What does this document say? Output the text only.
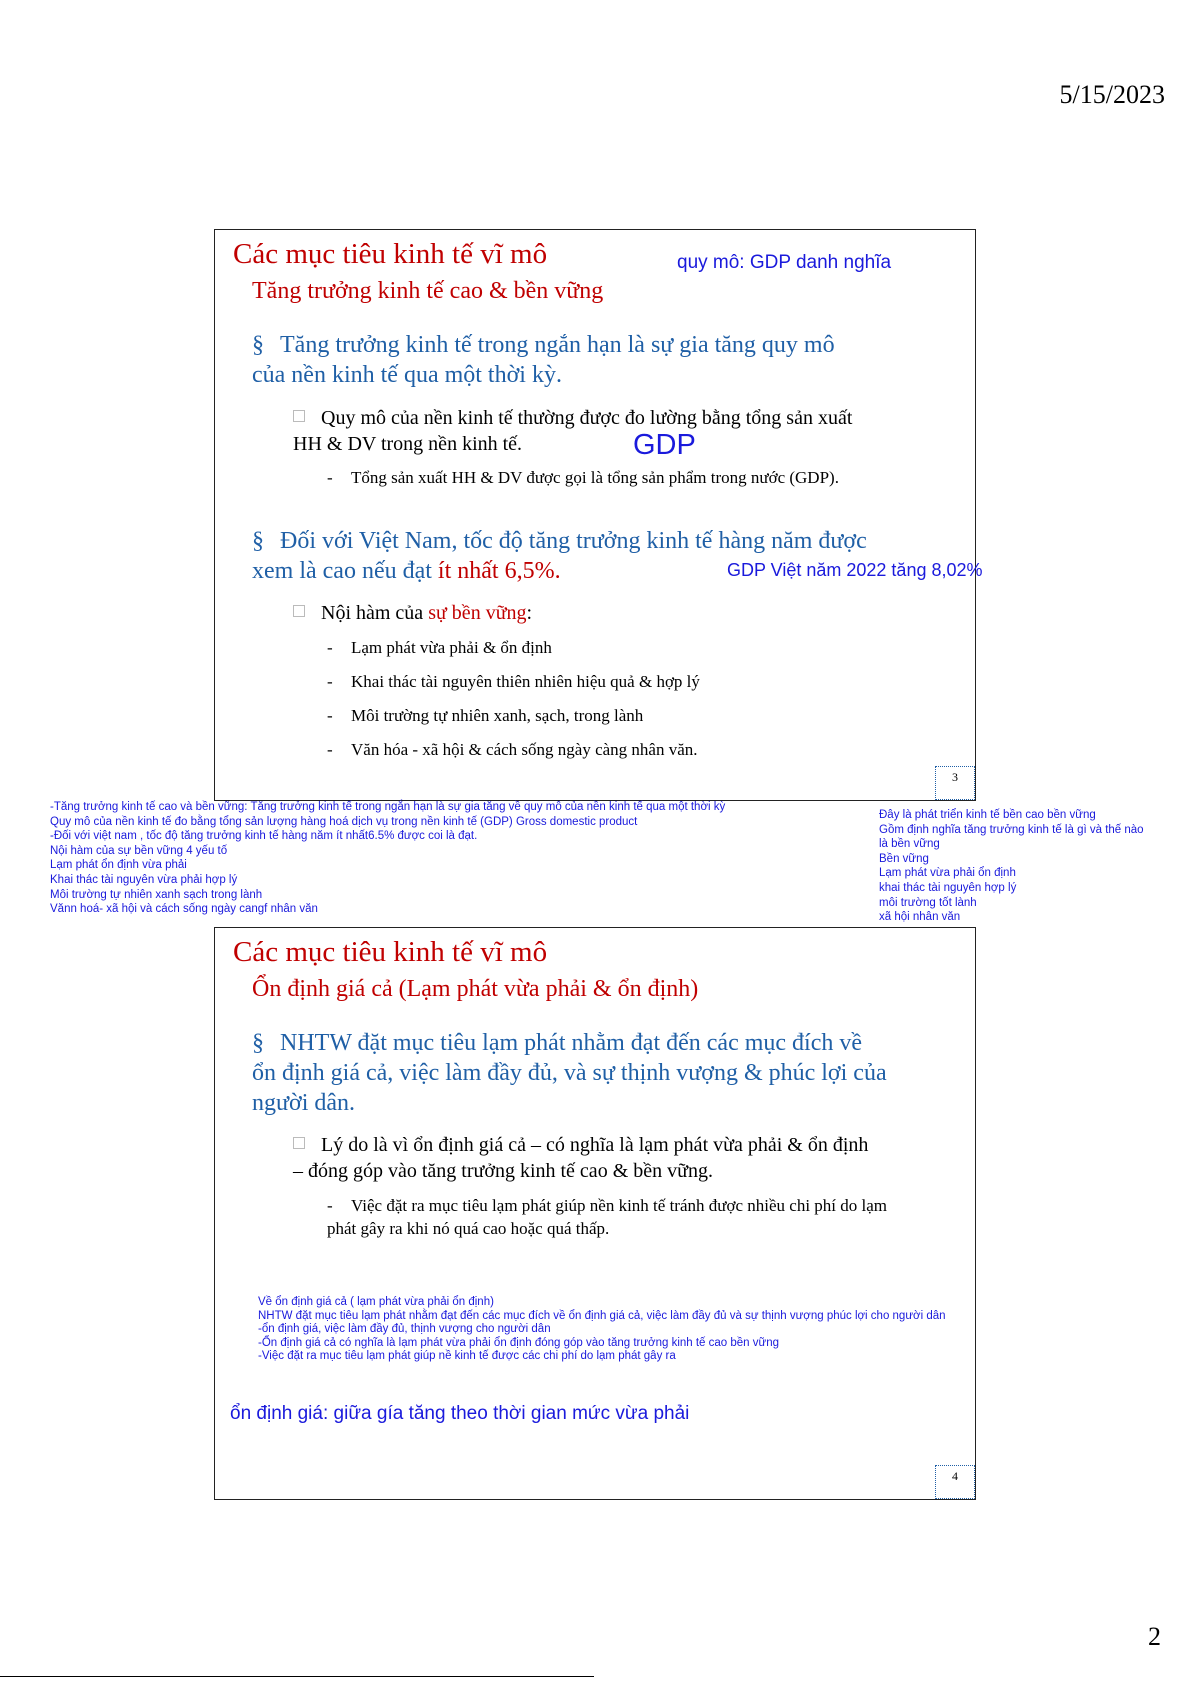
5/15/2023
2
Các mục tiêu kinh tế vĩ mô	quy mô: GDP danh nghĩa
Tăng trưởng kinh tế cao & bền vững
§ Tăng trưởng kinh tế trong ngắn hạn là sự gia tăng quy mô của nền kinh tế qua một thời kỳ.
Quy mô của nền kinh tế thường được đo lường bằng tổng sản xuất HH & DV trong nền kinh tế.	GDP
- Tổng sản xuất HH & DV được gọi là tổng sản phẩm trong nước (GDP).
§ Đối với Việt Nam, tốc độ tăng trưởng kinh tế hàng năm được xem là cao nếu đạt ít nhất 6,5%.	GDP Việt năm 2022 tăng 8,02%
Nội hàm của sự bền vững:
- Lạm phát vừa phải & ổn định
- Khai thác tài nguyên thiên nhiên hiệu quả & hợp lý
- Môi trường tự nhiên xanh, sạch, trong lành
- Văn hóa - xã hội & cách sống ngày càng nhân văn.
3
-Tăng trưởng kinh tế cao và bền vững: Tăng trưởng kinh tế trong ngắn hạn là sự gia tăng về quy mô của nền kinh tế qua một thời kỳ
Quy mô của nền kinh tế đo bằng tổng sản lượng hàng hoá dịch vụ trong nền kinh tế (GDP) Gross domestic product
-Đối với việt nam , tốc độ tăng trưởng kinh tế hàng năm ít nhất6.5% được coi là đạt.
Nội hàm của sự bền vững 4 yếu tố
Lạm phát ổn định vừa phải
Khai thác tài nguyên vừa phải hợp lý
Môi trường tự nhiên xanh sạch trong lành
Vănn hoá- xã hội và cách sống ngày cangf nhân văn
Đây là phát triển kinh tế bền cao bền vững
Gồm định nghĩa tăng trưởng kinh tế là gì và thế nào
là bền vững
Bền vững
Lạm phát vừa phải ổn định
khai thác tài nguyên hợp lý
môi trường tốt lành
xã hội nhân văn
Các mục tiêu kinh tế vĩ mô
Ổn định giá cả (Lạm phát vừa phải & ổn định)
§ NHTW đặt mục tiêu lạm phát nhằm đạt đến các mục đích về ổn định giá cả, việc làm đầy đủ, và sự thịnh vượng & phúc lợi của người dân.
Lý do là vì ổn định giá cả – có nghĩa là lạm phát vừa phải & ổn định – đóng góp vào tăng trưởng kinh tế cao & bền vững.
- Việc đặt ra mục tiêu lạm phát giúp nền kinh tế tránh được nhiều chi phí do lạm phát gây ra khi nó quá cao hoặc quá thấp.
Về ổn định giá cả ( lạm phát vừa phải ổn định)
NHTW đặt mục tiêu lạm phát nhằm đạt đến các mục đích về ổn định giá cả, việc làm đầy đủ và sự thịnh vượng phúc lợi cho người dân
-ổn định giá, việc làm đầy đủ, thịnh vượng cho người dân
-Ổn định giá cả có nghĩa là lạm phát vừa phải ổn định đóng góp vào tăng trưởng kinh tế cao bền vững
-Việc đặt ra mục tiêu lạm phát giúp nề kinh tế được các chi phí do lạm phát gây ra
ổn định giá: giữa gía tăng theo thời gian mức vừa phải
4
